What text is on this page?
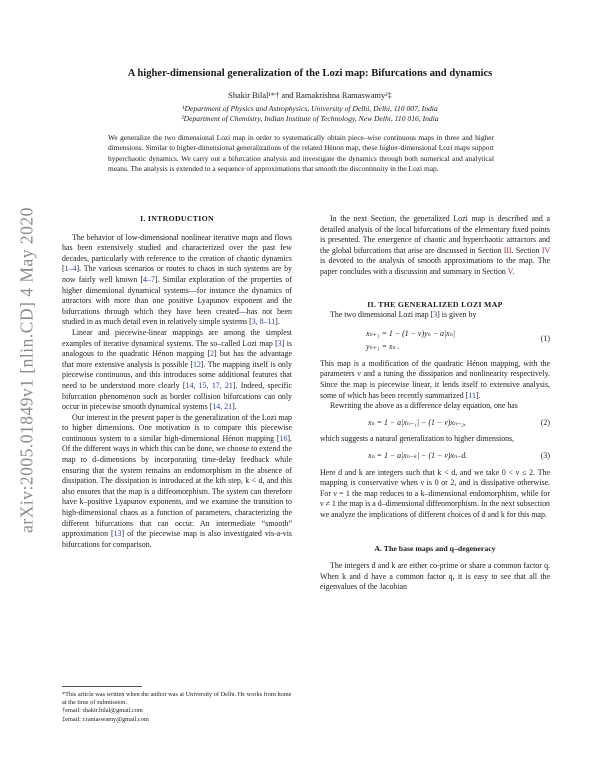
arXiv:2005.01849v1 [nlin.CD] 4 May 2020
A higher-dimensional generalization of the Lozi map: Bifurcations and dynamics
Shakir Bilal¹*† and Ramakrishna Ramaswamy²‡
¹Department of Physics and Astrophysics, University of Delhi, Delhi, 110 007, India
²Department of Chemistry, Indian Institute of Technology, New Delhi, 110 016, India
We generalize the two dimensional Lozi map in order to systematically obtain piece–wise continuous maps in three and higher dimensions. Similar to higher-dimensional generalizations of the related Hénon map, these higher-dimensional Lozi maps support hyperchaotic dynamics. We carry out a bifurcation analysis and investigate the dynamics through both numerical and analytical means. The analysis is extended to a sequence of approximations that smooth the discontinuity in the Lozi map.

I. INTRODUCTION

The behavior of low-dimensional nonlinear iterative maps and flows has been extensively studied and characterized over the past few decades, particularly with reference to the creation of chaotic dynamics [1–4]. The various scenarios or routes to chaos in such systems are by now fairly well known [4–7]. Similar exploration of the properties of higher dimensional dynamical systems—for instance the dynamics of attractors with more than one positive Lyapunov exponent and the bifurcations through which they have been created—has not been studied in as much detail even in relatively simple systems [3, 8–11].

Linear and piecewise-linear mappings are among the simplest examples of iterative dynamical systems. The so–called Lozi map [3] is analogous to the quadratic Hénon mapping [2] but has the advantage that more extensive analysis is possible [12]. The mapping itself is only piecewise continuous, and this introduces some additional features that need to be understood more clearly [14, 15, 17, 21]. Indeed, specific bifurcation phenomenon such as border collision bifurcations can only occur in piecewise smooth dynamical systems [14, 21].

Our interest in the present paper is the generalization of the Lozi map to higher dimensions. One motivation is to compare this piecewise continuous system to a similar high-dimensional Hénon mapping [16]. Of the different ways in which this can be done, we choose to extend the map to d–dimensions by incorporating time-delay feedback while ensuring that the system remains an endomorphism in the absence of dissipation. The dissipation is introduced at the kth step, k < d, and this also ensures that the map is a diffeomorphism. The system can therefore have k–positive Lyapunov exponents, and we examine the transition to high-dimensional chaos as a function of parameters, characterizing the different bifurcations that can occur. An intermediate “smooth” approximation [13] of the piecewise map is also investigated vis-a-vis bifurcations for comparison.

In the next Section, the generalized Lozi map is described and a detailed analysis of the local bifurcations of the elementary fixed points is presented. The emergence of chaotic and hyperchaotic attractors and the global bifurcations that arise are discussed in Section III. Section IV is devoted to the analysis of smooth approximations to the map. The paper concludes with a discussion and summary in Section V.

II. THE GENERALIZED LOZI MAP

The two dimensional Lozi map [3] is given by

xₙ₊₁ = 1 − (1 − ν)yₙ − a|xₙ|
yₙ₊₁ = xₙ .
(1)

This map is a modification of the quadratic Hénon mapping, with the parameters ν and a tuning the dissipation and nonlinearity respectively. Since the map is piecewise linear, it lends itself to extensive analysis, some of which has been recently summarized [11].

Rewriting the above as a difference delay equation, one has

xₙ = 1 − a|xₙ₋₁| − (1 − ν)xₙ₋₂,	(2)

which suggests a natural generalization to higher dimensions,

xₙ = 1 − a|xₙ₋ₖ| − (1 − ν)xₙ₋d.	(3)

Here d and k are integers such that k < d, and we take 0 < ν ≤ 2. The mapping is conservative when ν is 0 or 2, and is dissipative otherwise. For ν = 1 the map reduces to a k–dimensional endomorphism, while for ν ≠ 1 the map is a d–dimensional diffeomorphism. In the next subsection we analyze the implications of different choices of d and k for this map.

A. The base maps and q–degeneracy

The integers d and k are either co-prime or share a common factor q. When k and d have a common factor q, it is easy to see that all the eigenvalues of the Jacobian

*This article was written when the author was at University of Delhi. He works from home at the time of submission.
†email: shakir.bilal@gmail.com
‡email: r.ramaswamy@gmail.com
